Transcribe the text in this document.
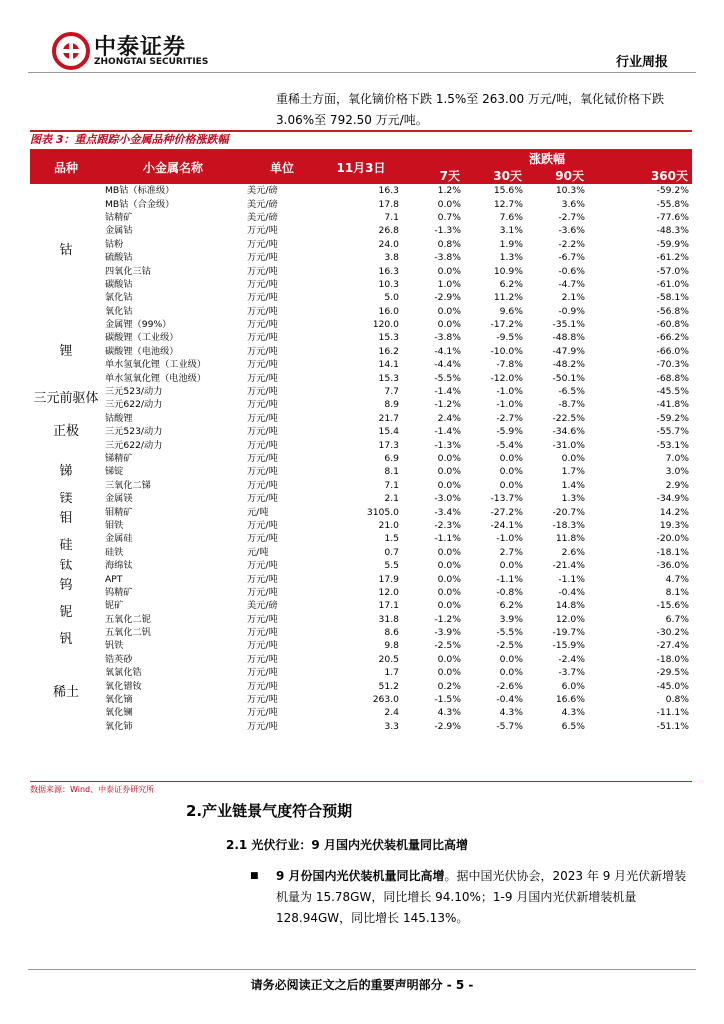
中泰证券
ZHONGTAI SECURITIES	行业周报
重稀土方面，氧化镝价格下跌 1.5%至 263.00 万元/吨，氧化铽价格下跌 3.06%至 792.50 万元/吨。
图表 3：重点跟踪小金属品种价格涨跌幅
品种	小金属名称	单位	11月3日	涨跌幅			
				7天	30天	90天	360天
钴	MB钴（标准级）	美元/磅	16.3	1.2%	15.6%	10.3%	-59.2%
	MB钴（合金级）	美元/磅	17.8	0.0%	12.7%	3.6%	-55.8%
	钴精矿	美元/磅	7.1	0.7%	7.6%	-2.7%	-77.6%
	金属钴	万元/吨	26.8	-1.3%	3.1%	-3.6%	-48.3%
	钴粉	万元/吨	24.0	0.8%	1.9%	-2.2%	-59.9%
	硫酸钴	万元/吨	3.8	-3.8%	1.3%	-6.7%	-61.2%
	四氧化三钴	万元/吨	16.3	0.0%	10.9%	-0.6%	-57.0%
	碳酸钴	万元/吨	10.3	1.0%	6.2%	-4.7%	-61.0%
	氯化钴	万元/吨	5.0	-2.9%	11.2%	2.1%	-58.1%
	氧化钴	万元/吨	16.0	0.0%	9.6%	-0.9%	-56.8%
锂	金属锂（99%）	万元/吨	120.0	0.0%	-17.2%	-35.1%	-60.8%
	碳酸锂（工业级）	万元/吨	15.3	-3.8%	-9.5%	-48.8%	-66.2%
	碳酸锂（电池级）	万元/吨	16.2	-4.1%	-10.0%	-47.9%	-66.0%
	单水氢氧化锂（工业级）	万元/吨	14.1	-4.4%	-7.8%	-48.2%	-70.3%
	单水氢氧化锂（电池级）	万元/吨	15.3	-5.5%	-12.0%	-50.1%	-68.8%
三元前驱体	三元523/动力	万元/吨	7.7	-1.4%	-1.0%	-6.5%	-45.5%
	三元622/动力	万元/吨	8.9	-1.2%	-1.0%	-8.7%	-41.8%
正极	钴酸锂	万元/吨	21.7	2.4%	-2.7%	-22.5%	-59.2%
	三元523/动力	万元/吨	15.4	-1.4%	-5.9%	-34.6%	-55.7%
	三元622/动力	万元/吨	17.3	-1.3%	-5.4%	-31.0%	-53.1%
锑	锑精矿	万元/吨	6.9	0.0%	0.0%	0.0%	7.0%
	锑锭	万元/吨	8.1	0.0%	0.0%	1.7%	3.0%
	三氧化二锑	万元/吨	7.1	0.0%	0.0%	1.4%	2.9%
镁	金属镁	万元/吨	2.1	-3.0%	-13.7%	1.3%	-34.9%
钼	钼精矿	元/吨	3105.0	-3.4%	-27.2%	-20.7%	14.2%
	钼铁	万元/吨	21.0	-2.3%	-24.1%	-18.3%	19.3%
硅	金属硅	万元/吨	1.5	-1.1%	-1.0%	11.8%	-20.0%
	硅铁	元/吨	0.7	0.0%	2.7%	2.6%	-18.1%
钛	海绵钛	万元/吨	5.5	0.0%	0.0%	-21.4%	-36.0%
钨	APT	万元/吨	17.9	0.0%	-1.1%	-1.1%	4.7%
	钨精矿	万元/吨	12.0	0.0%	-0.8%	-0.4%	8.1%
铌	铌矿	美元/磅	17.1	0.0%	6.2%	14.8%	-15.6%
	五氧化二铌	万元/吨	31.8	-1.2%	3.9%	12.0%	6.7%
钒	五氧化二钒	万元/吨	8.6	-3.9%	-5.5%	-19.7%	-30.2%
	钒铁	万元/吨	9.8	-2.5%	-2.5%	-15.9%	-27.4%
稀土	锆英砂	万元/吨	20.5	0.0%	0.0%	-2.4%	-18.0%
	氧氯化锆	万元/吨	1.7	0.0%	0.0%	-3.7%	-29.5%
	氧化镨钕	万元/吨	51.2	0.2%	-2.6%	6.0%	-45.0%
	氧化镝	万元/吨	263.0	-1.5%	-0.4%	16.6%	0.8%
	氧化镧	万元/吨	2.4	4.3%	4.3%	4.3%	-11.1%
	氧化铈	万元/吨	3.3	-2.9%	-5.7%	6.5%	-51.1%
数据来源：Wind、中泰证券研究所
2.产业链景气度符合预期
2.1 光伏行业：9 月国内光伏装机量同比高增
■ 9 月份国内光伏装机量同比高增。据中国光伏协会，2023 年 9 月光伏新增装机量为 15.78GW，同比增长 94.10%；1-9 月国内光伏新增装机量 128.94GW，同比增长 145.13%。
请务必阅读正文之后的重要声明部分 - 5 -
